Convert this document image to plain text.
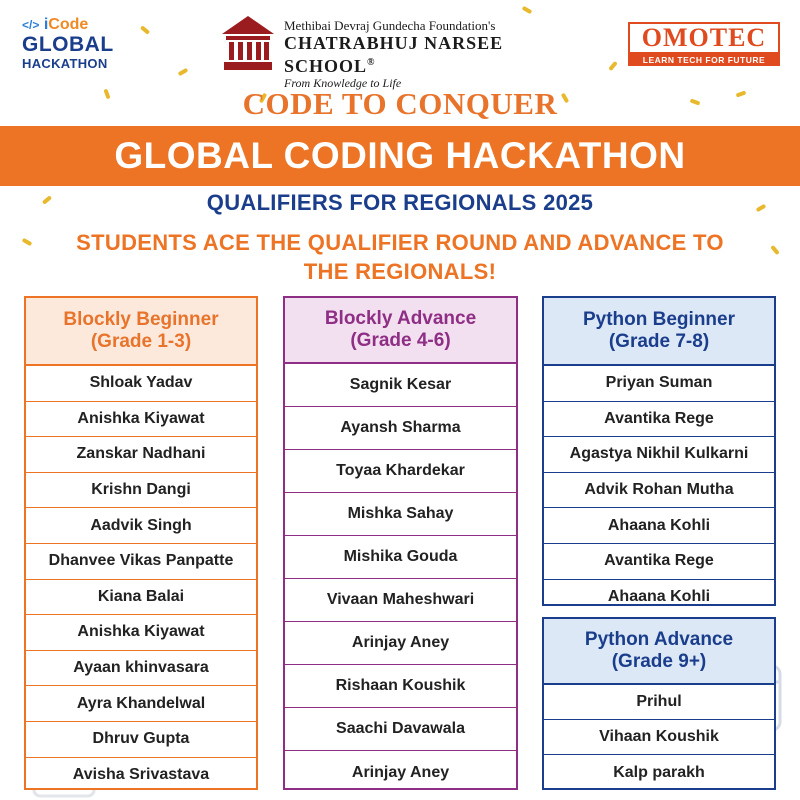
</> iCode
GLOBAL
HACKATHON
Methibai Devraj Gundecha Foundation's
CHATRABHUJ NARSEE SCHOOL®
From Knowledge to Life
OMOTEC
LEARN TECH FOR FUTURE
CODE TO CONQUER
GLOBAL CODING HACKATHON
QUALIFIERS FOR REGIONALS 2025
STUDENTS ACE THE QUALIFIER ROUND AND ADVANCE TO
THE REGIONALS!
Blockly Beginner
(Grade 1-3)
Shloak Yadav
Anishka Kiyawat
Zanskar Nadhani
Krishn Dangi
Aadvik Singh
Dhanvee Vikas Panpatte
Kiana Balai
Anishka Kiyawat
Ayaan khinvasara
Ayra Khandelwal
Dhruv Gupta
Avisha Srivastava
Blockly Advance
(Grade 4-6)
Sagnik Kesar
Ayansh Sharma
Toyaa Khardekar
Mishka Sahay
Mishika Gouda
Vivaan Maheshwari
Arinjay Aney
Rishaan Koushik
Saachi Davawala
Arinjay Aney
Python Beginner
(Grade 7-8)
Priyan Suman
Avantika Rege
Agastya Nikhil Kulkarni
Advik Rohan Mutha
Ahaana Kohli
Avantika Rege
Ahaana Kohli
Python Advance
(Grade 9+)
Prihul
Vihaan Koushik
Kalp parakh
